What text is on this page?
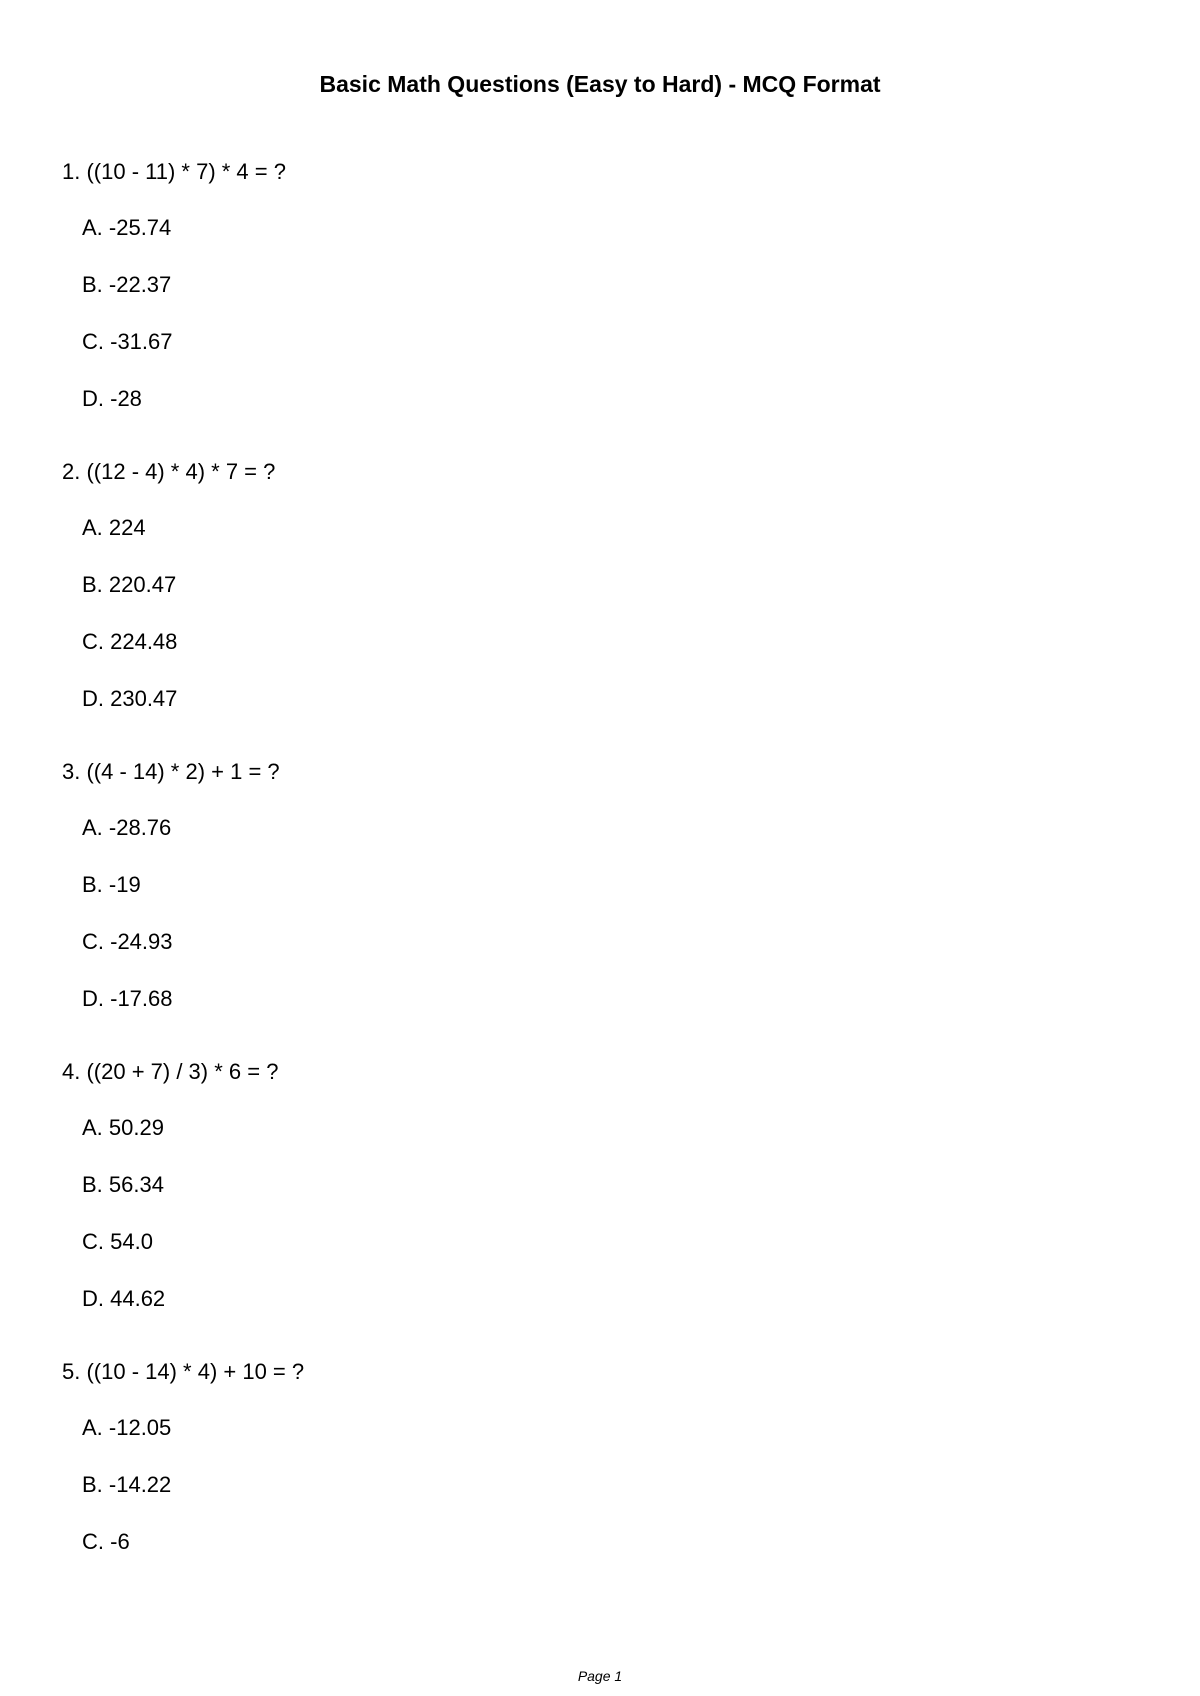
Basic Math Questions (Easy to Hard) - MCQ Format
1. ((10 - 11) * 7) * 4 = ?
A. -25.74
B. -22.37
C. -31.67
D. -28
2. ((12 - 4) * 4) * 7 = ?
A. 224
B. 220.47
C. 224.48
D. 230.47
3. ((4 - 14) * 2) + 1 = ?
A. -28.76
B. -19
C. -24.93
D. -17.68
4. ((20 + 7) / 3) * 6 = ?
A. 50.29
B. 56.34
C. 54.0
D. 44.62
5. ((10 - 14) * 4) + 10 = ?
A. -12.05
B. -14.22
C. -6
Page 1
